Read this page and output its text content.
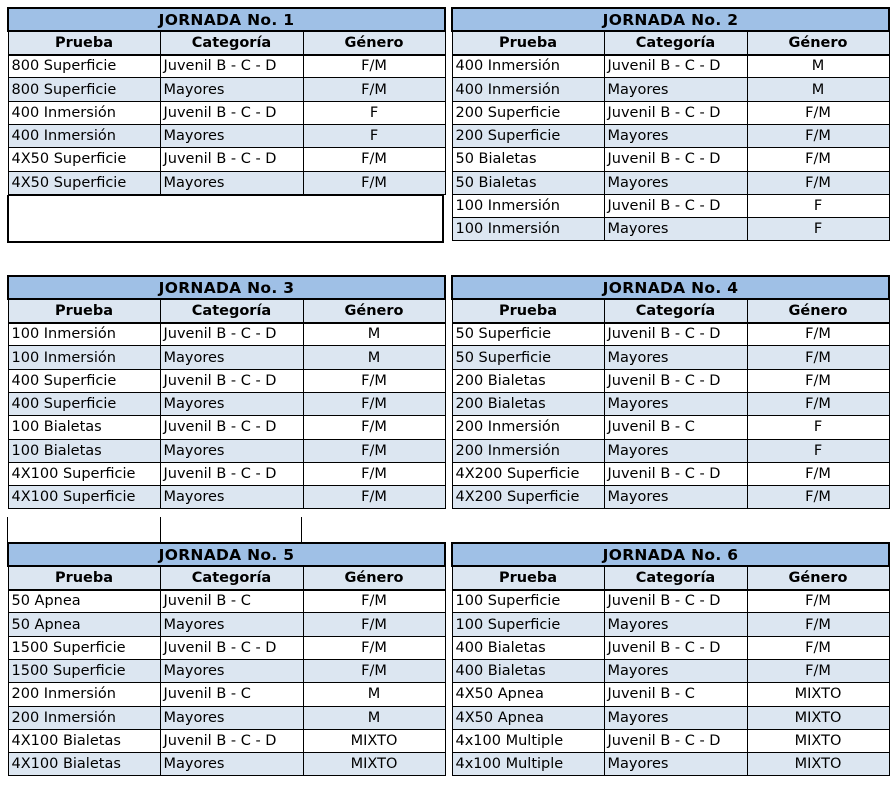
JORNADA No. 1		
Prueba	Categoría	Género
800 Superficie	Juvenil B - C - D	F/M
800 Superficie	Mayores	F/M
400 Inmersión	Juvenil B - C - D	F
400 Inmersión	Mayores	F
4X50 Superficie	Juvenil B - C - D	F/M
4X50 Superficie	Mayores	F/M
JORNADA No. 2		
Prueba	Categoría	Género
400 Inmersión	Juvenil B - C - D	M
400 Inmersión	Mayores	M
200 Superficie	Juvenil B - C - D	F/M
200 Superficie	Mayores	F/M
50 Bialetas	Juvenil B - C - D	F/M
50 Bialetas	Mayores	F/M
100 Inmersión	Juvenil B - C - D	F
100 Inmersión	Mayores	F
JORNADA No. 3		
Prueba	Categoría	Género
100 Inmersión	Juvenil B - C - D	M
100 Inmersión	Mayores	M
400 Superficie	Juvenil B - C - D	F/M
400 Superficie	Mayores	F/M
100 Bialetas	Juvenil B - C - D	F/M
100 Bialetas	Mayores	F/M
4X100 Superficie	Juvenil B - C - D	F/M
4X100 Superficie	Mayores	F/M
JORNADA No. 4		
Prueba	Categoría	Género
50 Superficie	Juvenil B - C - D	F/M
50 Superficie	Mayores	F/M
200 Bialetas	Juvenil B - C - D	F/M
200 Bialetas	Mayores	F/M
200 Inmersión	Juvenil B - C	F
200 Inmersión	Mayores	F
4X200 Superficie	Juvenil B - C - D	F/M
4X200 Superficie	Mayores	F/M
JORNADA No. 5		
Prueba	Categoría	Género
50 Apnea	Juvenil B - C	F/M
50 Apnea	Mayores	F/M
1500 Superficie	Juvenil B - C - D	F/M
1500 Superficie	Mayores	F/M
200 Inmersión	Juvenil B - C	M
200 Inmersión	Mayores	M
4X100 Bialetas	Juvenil B - C - D	MIXTO
4X100 Bialetas	Mayores	MIXTO
JORNADA No. 6		
Prueba	Categoría	Género
100 Superficie	Juvenil B - C - D	F/M
100 Superficie	Mayores	F/M
400 Bialetas	Juvenil B - C - D	F/M
400 Bialetas	Mayores	F/M
4X50 Apnea	Juvenil B - C	MIXTO
4X50 Apnea	Mayores	MIXTO
4x100 Multiple	Juvenil B - C - D	MIXTO
4x100 Multiple	Mayores	MIXTO
